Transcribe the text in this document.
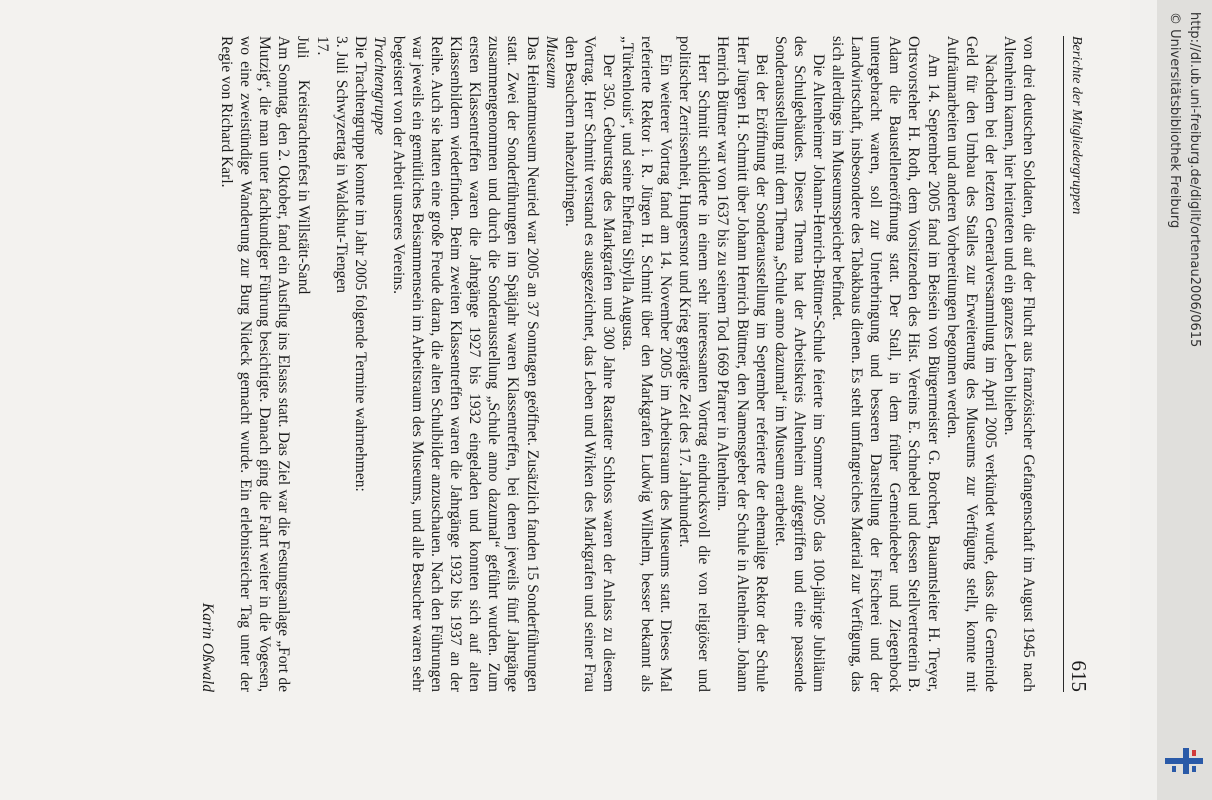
Berichte der Mitgliedergruppen
615

von drei deutschen Soldaten, die auf der Flucht aus französischer Gefangenschaft im August 1945 nach Altenheim kamen, hier heirateten und ein ganzes Leben blieben.

Nachdem bei der letzten Generalversammlung im April 2005 verkündet wurde, dass die Gemeinde Geld für den Umbau des Stalles zur Erweiterung des Museums zur Verfügung stellt, konnte mit Aufräumarbeiten und anderen Vorbereitungen begonnen werden.

Am 14. September 2005 fand im Beisein von Bürgermeister G. Borchert, Bauamtsleiter H. Treyer, Ortsvorsteher H. Roth, dem Vorsitzenden des Hist. Vereins E. Schnebel und dessen Stellvertreterin B. Adam die Baustelleneröffnung statt. Der Stall, in dem früher Gemeindeeber und Ziegenbock untergebracht waren, soll zur Unterbringung und besseren Darstellung der Fischerei und der Landwirtschaft, insbesondere des Tabakbaus dienen. Es steht umfangreiches Material zur Verfügung, das sich allerdings im Museumsspeicher befindet.

Die Altenheimer Johann-Henrich-Büttner-Schule feierte im Sommer 2005 das 100-jährige Jubiläum des Schulgebäudes. Dieses Thema hat der Arbeitskreis Altenheim aufgegriffen und eine passende Sonderausstellung mit dem Thema „Schule anno dazumal“ im Museum erarbeitet.

Bei der Eröffnung der Sonderausstellung im September referierte der ehemalige Rektor der Schule Herr Jürgen H. Schmitt über Johann Henrich Büttner, den Namensgeber der Schule in Altenheim. Johann Henrich Büttner war von 1637 bis zu seinem Tod 1669 Pfarrer in Altenheim.

Herr Schmitt schilderte in einem sehr interessanten Vortrag eindrucksvoll die von religiöser und politischer Zerrissenheit, Hungersnot und Krieg geprägte Zeit des 17. Jahrhundert.

Ein weiterer Vortrag fand am 14. November 2005 im Arbeitsraum des Museums statt. Dieses Mal referierte Rektor i. R. Jürgen H. Schmitt über den Markgrafen Ludwig Wilhelm, besser bekannt als „Türkenlouis“, und seine Ehefrau Sibylla Augusta.

Der 350. Geburtstag des Markgrafen und 300 Jahre Rastatter Schloss waren der Anlass zu diesem Vortrag. Herr Schmitt verstand es ausgezeichnet, das Leben und Wirken des Markgrafen und seiner Frau den Besuchern nahezubringen.

Museum

Das Heimatmuseum Neuried war 2005 an 37 Sonntagen geöffnet. Zusätzlich fanden 15 Sonderführungen statt. Zwei der Sonderführungen im Spätjahr waren Klassentreffen, bei denen jeweils fünf Jahrgänge zusammengenommen und durch die Sonderausstellung „Schule anno dazumal“ geführt wurden. Zum ersten Klassentreffen waren die Jahrgänge 1927 bis 1932 eingeladen und konnten sich auf alten Klassenbildern wiederfinden. Beim zweiten Klassentreffen waren die Jahrgänge 1932 bis 1937 an der Reihe. Auch sie hatten eine große Freude daran, die alten Schulbilder anzuschauen. Nach den Führungen war jeweils ein gemütliches Beisammensein im Arbeitsraum des Museums, und alle Besucher waren sehr begeistert von der Arbeit unseres Vereins.

Trachtengruppe

Die Trachtengruppe konnte im Jahr 2005 folgende Termine wahrnehmen:

3. Juli Schwyzertag in Waldshut-Tiengen
17. Juli Kreistrachtenfest in Willstätt-Sand

Am Sonntag, den 2. Oktober, fand ein Ausflug ins Elsass statt. Das Ziel war die Festungsanlage „Fort de Mutzig“, die man unter fachkundiger Führung besichtigte. Danach ging die Fahrt weiter in die Vogesen, wo eine zweistündige Wanderung zur Burg Nideck gemacht wurde. Ein erlebnisreicher Tag unter der Regie von Richard Karl.

Karin Oßwald

http://dl.ub.uni-freiburg.de/diglit/ortenau2006/0615
© Universitätsbibliothek Freiburg
